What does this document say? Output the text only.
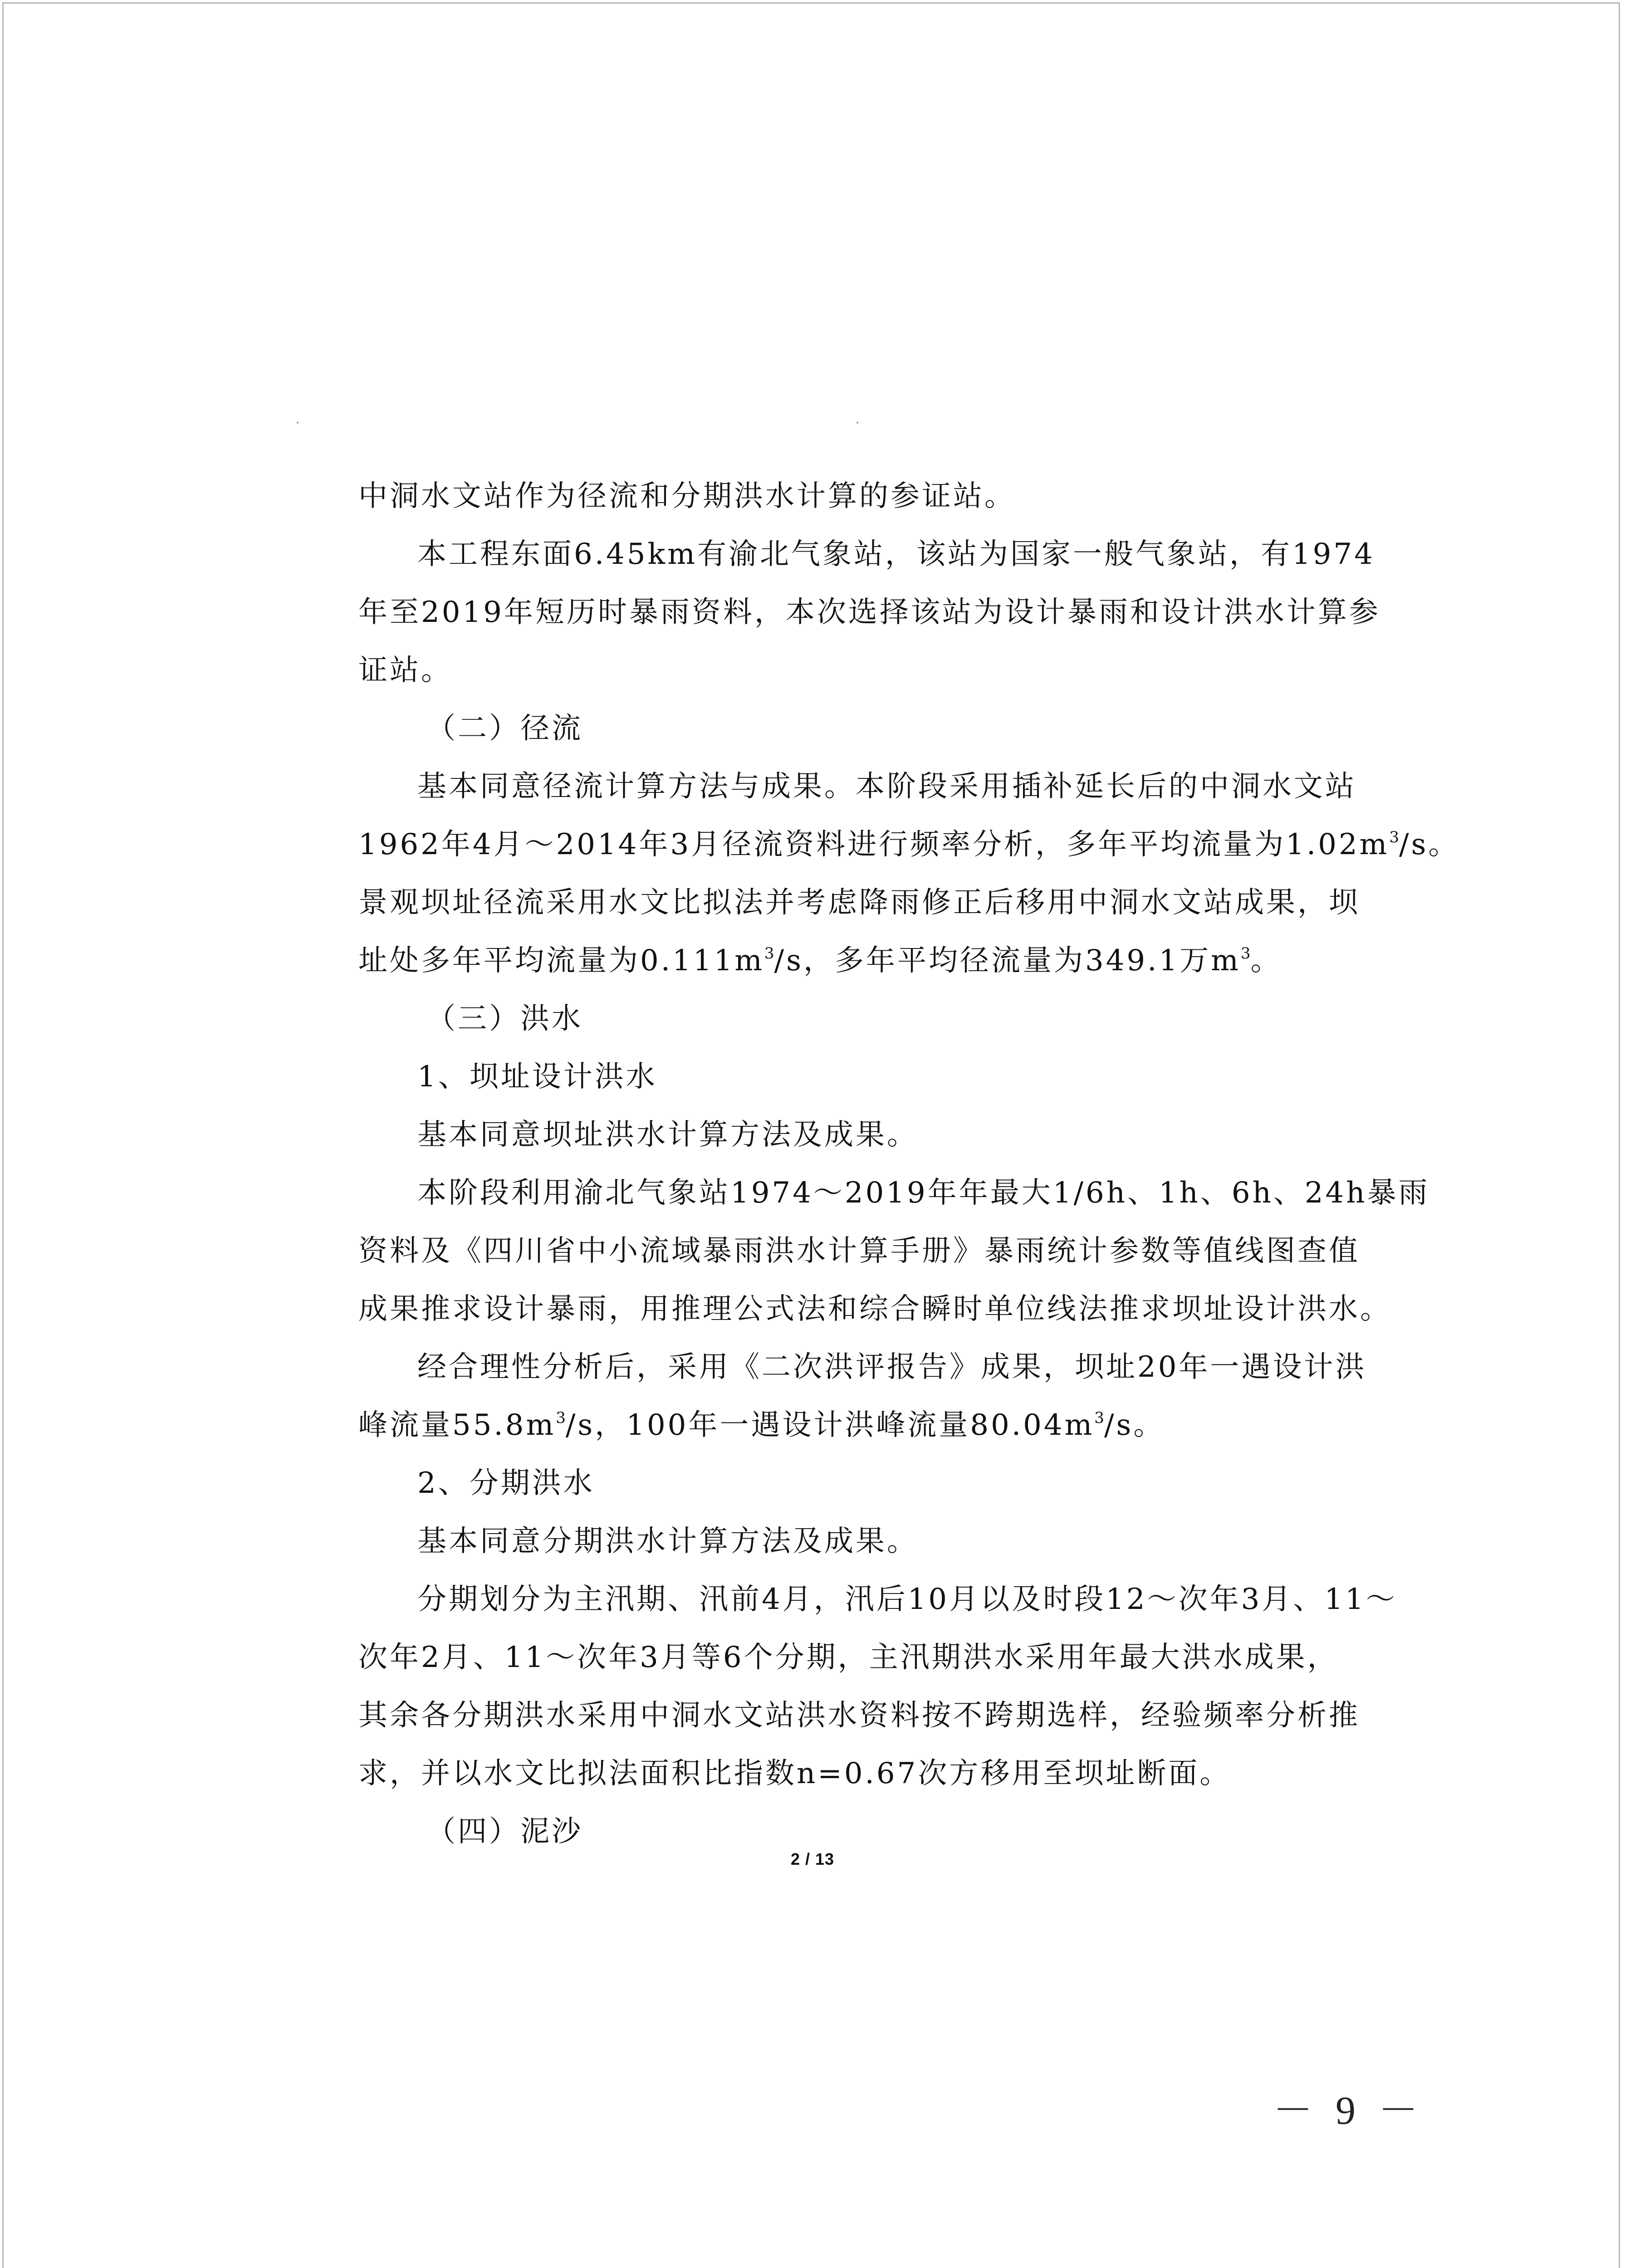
中洞水文站作为径流和分期洪水计算的参证站。
本工程东面6.45km有渝北气象站，该站为国家一般气象站，有1974
年至2019年短历时暴雨资料，本次选择该站为设计暴雨和设计洪水计算参
证站。
（二）径流
基本同意径流计算方法与成果。本阶段采用插补延长后的中洞水文站
1962年4月～2014年3月径流资料进行频率分析，多年平均流量为$1.02m^3/s$。
景观坝址径流采用水文比拟法并考虑降雨修正后移用中洞水文站成果，坝
址处多年平均流量为$0.111m^3/s$，多年平均径流量为349.1万$m^3$。
（三）洪水
1、坝址设计洪水
基本同意坝址洪水计算方法及成果。
本阶段利用渝北气象站1974～2019年年最大1/6h、1h、6h、24h暴雨
资料及《四川省中小流域暴雨洪水计算手册》暴雨统计参数等值线图查值
成果推求设计暴雨，用推理公式法和综合瞬时单位线法推求坝址设计洪水。
经合理性分析后，采用《二次洪评报告》成果，坝址20年一遇设计洪
峰流量$55.8m^3/s$，100年一遇设计洪峰流量$80.04m^3/s$。
2、分期洪水
基本同意分期洪水计算方法及成果。
分期划分为主汛期、汛前4月，汛后10月以及时段12～次年3月、11～
次年2月、11～次年3月等6个分期，主汛期洪水采用年最大洪水成果，
其余各分期洪水采用中洞水文站洪水资料按不跨期选样，经验频率分析推
求，并以水文比拟法面积比指数n=0.67次方移用至坝址断面。
（四）泥沙
2 / 13
－ 9 －
